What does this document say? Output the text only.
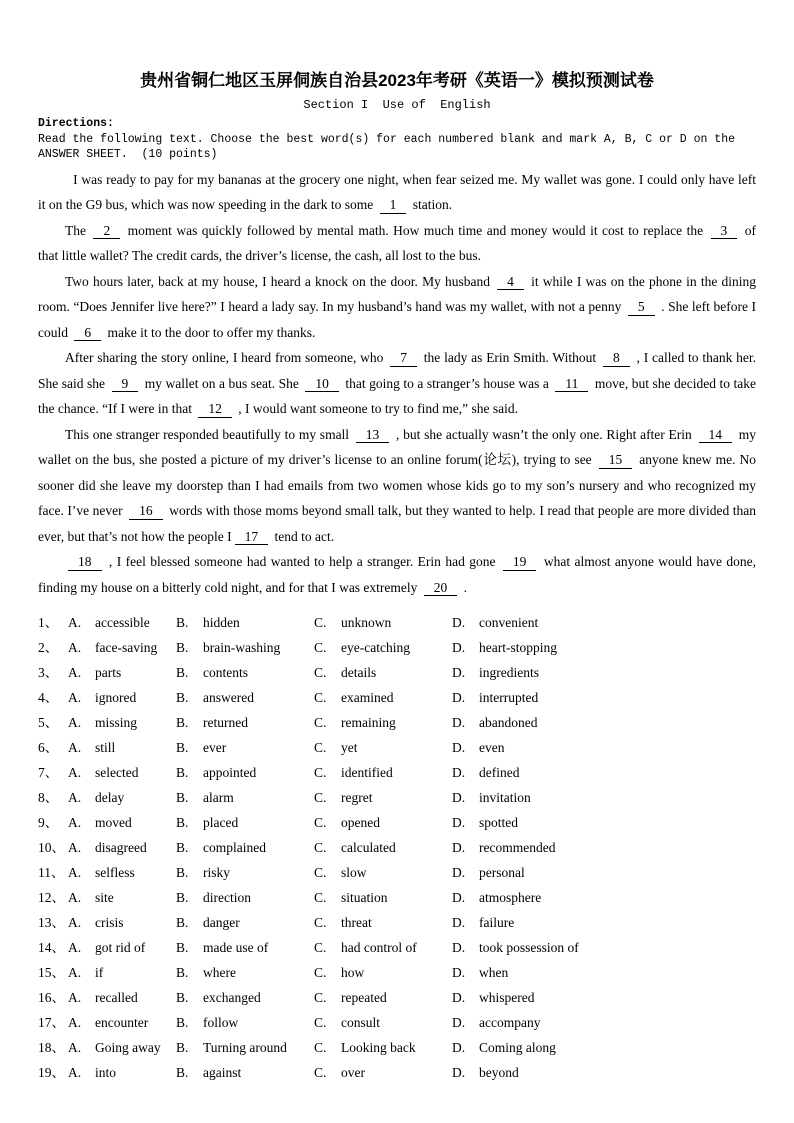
贵州省铜仁地区玉屏侗族自治县2023年考研《英语一》模拟预测试卷
Section I  Use of  English
Directions:
Read the following text. Choose the best word(s) for each numbered blank and mark A, B, C or D on the ANSWER SHEET.  (10 points)

I was ready to pay for my bananas at the grocery one night, when fear seized me. My wallet was gone. I could only have left it on the G9 bus, which was now speeding in the dark to some 1 station.

The 2 moment was quickly followed by mental math. How much time and money would it cost to replace the 3 of that little wallet? The credit cards, the driver’s license, the cash, all lost to the bus.

Two hours later, back at my house, I heard a knock on the door. My husband 4 it while I was on the phone in the dining room. “Does Jennifer live here?” I heard a lady say. In my husband’s hand was my wallet, with not a penny 5 . She left before I could 6 make it to the door to offer my thanks.

After sharing the story online, I heard from someone, who 7 the lady as Erin Smith. Without 8 , I called to thank her. She said she 9 my wallet on a bus seat. She 10 that going to a stranger’s house was a 11 move, but she decided to take the chance. “If I were in that 12 , I would want someone to try to find me,” she said.

This one stranger responded beautifully to my small 13 , but she actually wasn’t the only one. Right after Erin 14 my wallet on the bus, she posted a picture of my driver’s license to an online forum(论坛), trying to see 15 anyone knew me. No sooner did she leave my doorstep than I had emails from two women whose kids go to my son’s nursery and who recognized my face. I’ve never 16 words with those moms beyond small talk, but they wanted to help. I read that people are more divided than ever, but that’s not how the people I 17 tend to act.

18 , I feel blessed someone had wanted to help a stranger. Erin had gone 19 what almost anyone would have done, finding my house on a bitterly cold night, and for that I was extremely 20 .

1、 A. accessible	B. hidden	C. unknown	D. convenient
2、 A. face-saving	B. brain-washing	C. eye-catching	D. heart-stopping
3、 A. parts	B. contents	C. details	D. ingredients
4、 A. ignored	B. answered	C. examined	D. interrupted
5、 A. missing	B. returned	C. remaining	D. abandoned
6、 A. still	B. ever	C. yet	D. even
7、 A. selected	B. appointed	C. identified	D. defined
8、 A. delay	B. alarm	C. regret	D. invitation
9、 A. moved	B. placed	C. opened	D. spotted
10、 A. disagreed	B. complained	C. calculated	D. recommended
11、 A. selfless	B. risky	C. slow	D. personal
12、 A. site	B. direction	C. situation	D. atmosphere
13、 A. crisis	B. danger	C. threat	D. failure
14、 A. got rid of	B. made use of	C. had control of	D. took possession of
15、 A. if	B. where	C. how	D. when
16、 A. recalled	B. exchanged	C. repeated	D. whispered
17、 A. encounter	B. follow	C. consult	D. accompany
18、 A. Going away	B. Turning around	C. Looking back	D. Coming along
19、 A. into	B. against	C. over	D. beyond
